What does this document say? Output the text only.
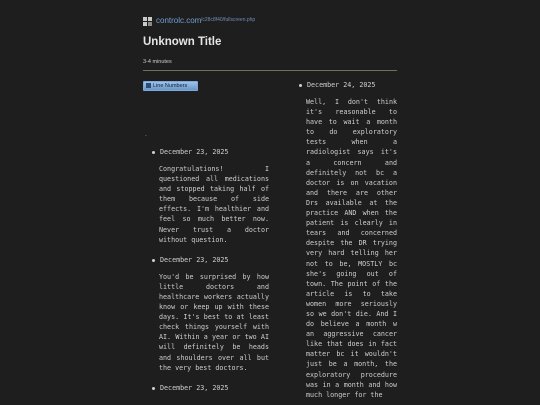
controlc.com /c28c8f40/fullscreen.php
Unknown Title
3-4 minutes
Line Numbers
.
December 23, 2025
Congratulations! I questioned all medications and stopped taking half of them because of side effects. I'm healthier and feel so much better now. Never trust a doctor without question.
December 23, 2025
You'd be surprised by how little doctors and healthcare workers actually know or keep up with these days. It's best to at least check things yourself with AI. Within a year or two AI will definitely be heads and shoulders over all but the very best doctors.
December 23, 2025
December 24, 2025
Well, I don't think it's reasonable to have to wait a month to do exploratory tests when a radiologist says it's a concern and definitely not bc a doctor is on vacation and there are other Drs available at the practice AND when the patient is clearly in tears and concerned despite the DR trying very hard telling her not to be, MOSTLY bc she's going out of town. The point of the article is to take women more seriously so we don't die. And I do believe a month w an aggressive cancer like that does in fact matter bc it wouldn't just be a month, the exploratory procedure was in a month and how much longer for the
